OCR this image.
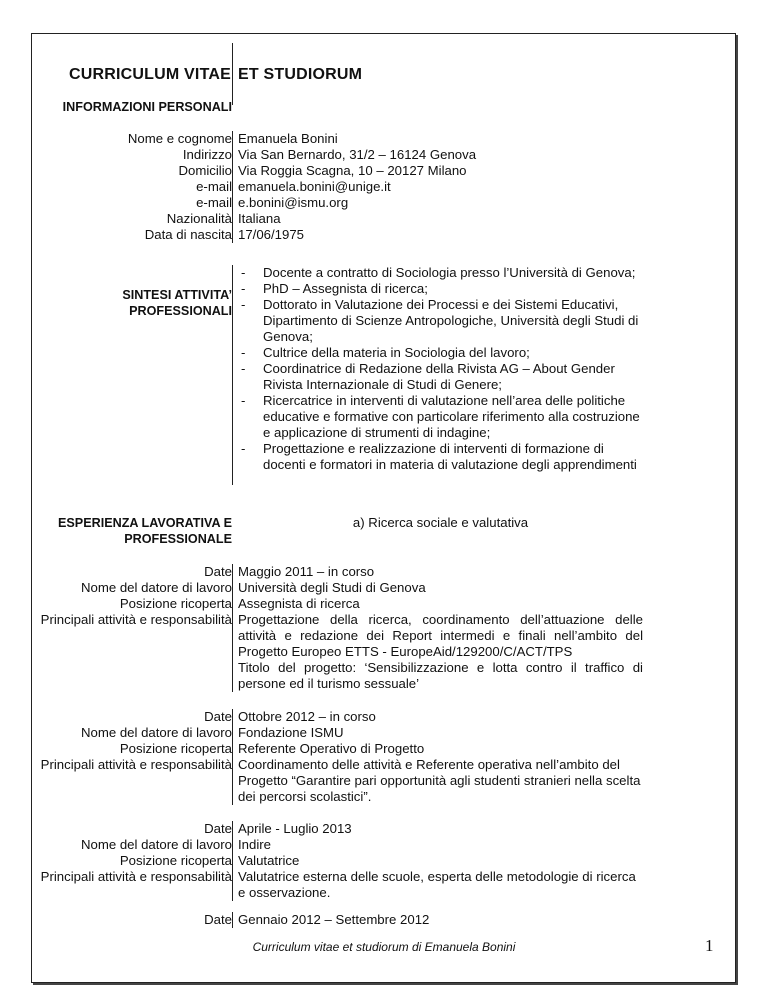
CURRICULUM VITAE ET STUDIORUM
INFORMAZIONI PERSONALI
Nome e cognome Emanuela Bonini
Indirizzo Via San Bernardo, 31/2 – 16124 Genova
Domicilio Via Roggia Scagna, 10 – 20127 Milano
e-mail emanuela.bonini@unige.it
e-mail e.bonini@ismu.org
Nazionalità Italiana
Data di nascita 17/06/1975
SINTESI ATTIVITA’
PROFESSIONALI
- Docente a contratto di Sociologia presso l’Università di Genova;
- PhD – Assegnista di ricerca;
- Dottorato in Valutazione dei Processi e dei Sistemi Educativi, Dipartimento di Scienze Antropologiche, Università degli Studi di Genova;
- Cultrice della materia in Sociologia del lavoro;
- Coordinatrice di Redazione della Rivista AG – About Gender Rivista Internazionale di Studi di Genere;
- Ricercatrice in interventi di valutazione nell’area delle politiche educative e formative con particolare riferimento alla costruzione e applicazione di strumenti di indagine;
- Progettazione e realizzazione di interventi di formazione di docenti e formatori in materia di valutazione degli apprendimenti
ESPERIENZA LAVORATIVA E
PROFESSIONALE
a) Ricerca sociale e valutativa
Date Maggio 2011 – in corso
Nome del datore di lavoro Università degli Studi di Genova
Posizione ricoperta Assegnista di ricerca
Principali attività e responsabilità Progettazione della ricerca, coordinamento dell’attuazione delle attività e redazione dei Report intermedi e finali nell’ambito del Progetto Europeo ETTS - EuropeAid/129200/C/ACT/TPS
Titolo del progetto: ‘Sensibilizzazione e lotta contro il traffico di persone ed il turismo sessuale’
Date Ottobre 2012 – in corso
Nome del datore di lavoro Fondazione ISMU
Posizione ricoperta Referente Operativo di Progetto
Principali attività e responsabilità Coordinamento delle attività e Referente operativa nell’ambito del Progetto “Garantire pari opportunità agli studenti stranieri nella scelta dei percorsi scolastici”.
Date Aprile - Luglio 2013
Nome del datore di lavoro Indire
Posizione ricoperta Valutatrice
Principali attività e responsabilità Valutatrice esterna delle scuole, esperta delle metodologie di ricerca e osservazione.
Date Gennaio 2012 – Settembre 2012
Curriculum vitae et studiorum di Emanuela Bonini	1
